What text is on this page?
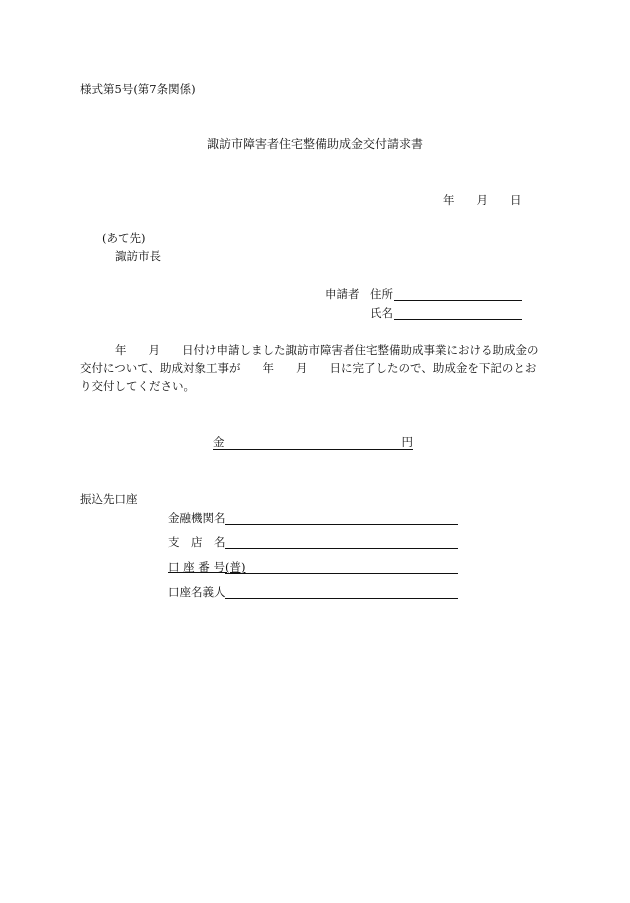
様式第5号(第7条関係)
諏訪市障害者住宅整備助成金交付請求書
年 月 日
(あて先)
諏訪市長
申請者 住所
氏名
年 月 日付け申請しました諏訪市障害者住宅整備助成事業における助成金の
交付について、助成対象工事が 年 月 日に完了したので、助成金を下記のとお
り交付してください。
金	円
振込先口座
金融機関名
支　店　名
口 座 番 号(普)
口座名義人
